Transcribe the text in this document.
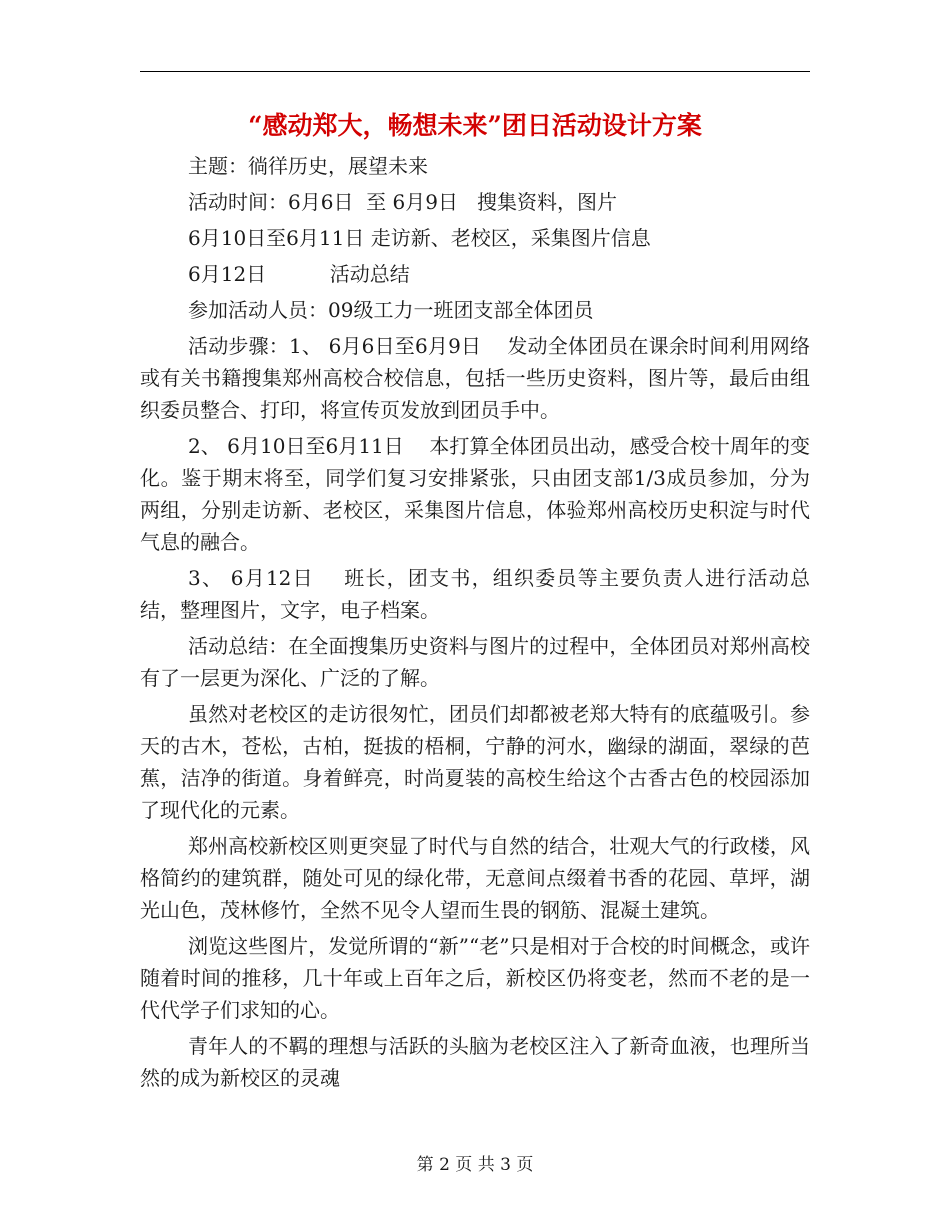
“感动郑大，畅想未来”团日活动设计方案

主题：徜徉历史，展望未来

活动时间：6月6日  至 6月9日   搜集资料，图片

6月10日至6月11日 走访新、老校区，采集图片信息

6月12日          活动总结

参加活动人员：09级工力一班团支部全体团员

活动步骤：1、 6月6日至6月9日    发动全体团员在课余时间利用网络或有关书籍搜集郑州高校合校信息，包括一些历史资料，图片等，最后由组织委员整合、打印，将宣传页发放到团员手中。

2、 6月10日至6月11日    本打算全体团员出动，感受合校十周年的变化。鉴于期末将至，同学们复习安排紧张，只由团支部1/3成员参加，分为两组，分别走访新、老校区，采集图片信息，体验郑州高校历史积淀与时代气息的融合。

3、 6月12日    班长，团支书，组织委员等主要负责人进行活动总结，整理图片，文字，电子档案。

活动总结：在全面搜集历史资料与图片的过程中，全体团员对郑州高校有了一层更为深化、广泛的了解。

虽然对老校区的走访很匆忙，团员们却都被老郑大特有的底蕴吸引。参天的古木，苍松，古柏，挺拔的梧桐，宁静的河水，幽绿的湖面，翠绿的芭蕉，洁净的街道。身着鲜亮，时尚夏装的高校生给这个古香古色的校园添加了现代化的元素。

郑州高校新校区则更突显了时代与自然的结合，壮观大气的行政楼，风格简约的建筑群，随处可见的绿化带，无意间点缀着书香的花园、草坪，湖光山色，茂林修竹，全然不见令人望而生畏的钢筋、混凝土建筑。

浏览这些图片，发觉所谓的“新”“老”只是相对于合校的时间概念，或许随着时间的推移，几十年或上百年之后，新校区仍将变老，然而不老的是一代代学子们求知的心。

青年人的不羁的理想与活跃的头脑为老校区注入了新奇血液，也理所当然的成为新校区的灵魂

第 2 页 共 3 页
